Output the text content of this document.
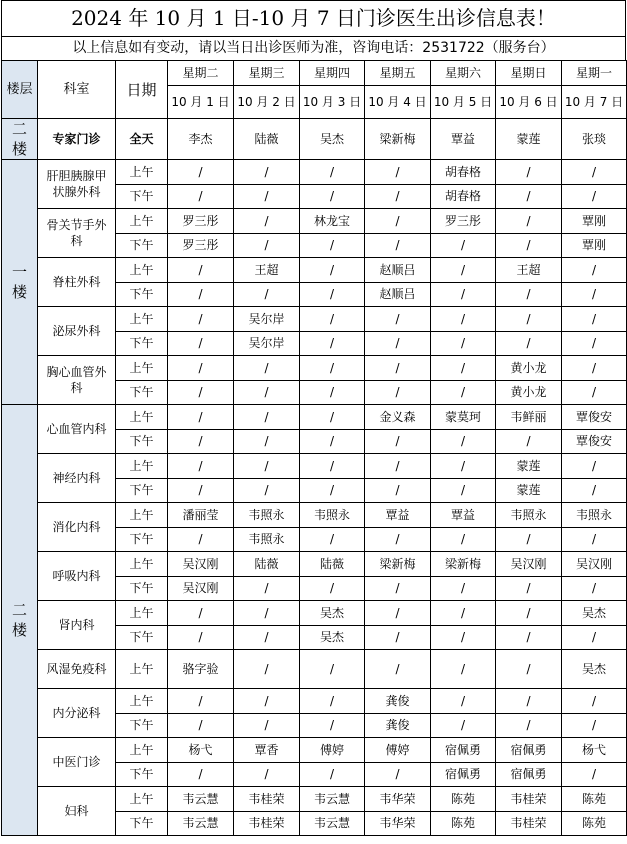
2024 年 10 月 1 日-10 月 7 日门诊医生出诊信息表！
以上信息如有变动，请以当日出诊医师为准，咨询电话：2531722（服务台）
楼层	科室	日期	星期二	星期三	星期四	星期五	星期六	星期日	星期一
			10 月 1 日	10 月 2 日	10 月 3 日	10 月 4 日	10 月 5 日	10 月 6 日	10 月 7 日
二楼	专家门诊	全天	李杰	陆薇	吴杰	梁新梅	覃益	蒙莲	张琰
一楼	肝胆胰腺甲状腺外科	上午	/	/	/	/	胡春格	/	/
		下午	/	/	/	/	胡春格	/	/
	骨关节手外科	上午	罗三彤	/	林龙宝	/	罗三彤	/	覃刚
		下午	罗三彤	/	/	/	/	/	覃刚
	脊柱外科	上午	/	王超	/	赵顺吕	/	王超	/
		下午	/	/	/	赵顺吕	/	/	/
	泌尿外科	上午	/	吴尔岸	/	/	/	/	/
		下午	/	吴尔岸	/	/	/	/	/
	胸心血管外科	上午	/	/	/	/	/	黄小龙	/
		下午	/	/	/	/	/	黄小龙	/
二楼	心血管内科	上午	/	/	/	金义森	蒙莫珂	韦鲜丽	覃俊安
		下午	/	/	/	/	/	/	覃俊安
	神经内科	上午	/	/	/	/	/	蒙莲	/
		下午	/	/	/	/	/	蒙莲	/
	消化内科	上午	潘丽莹	韦照永	韦照永	覃益	覃益	韦照永	韦照永
		下午	/	韦照永	/	/	/	/	/
	呼吸内科	上午	吴汉刚	陆薇	陆薇	梁新梅	梁新梅	吴汉刚	吴汉刚
		下午	吴汉刚	/	/	/	/	/	/
	肾内科	上午	/	/	吴杰	/	/	/	吴杰
		下午	/	/	吴杰	/	/	/	/
	风湿免疫科	上午	骆字验	/	/	/	/	/	吴杰
	内分泌科	上午	/	/	/	龚俊	/	/	/
		下午	/	/	/	龚俊	/	/	/
	中医门诊	上午	杨弋	覃香	傅婷	傅婷	宿佩勇	宿佩勇	杨弋
		下午	/	/	/	/	宿佩勇	宿佩勇	/
	妇科	上午	韦云慧	韦桂荣	韦云慧	韦华荣	陈苑	韦桂荣	陈苑
		下午	韦云慧	韦桂荣	韦云慧	韦华荣	陈苑	韦桂荣	陈苑
